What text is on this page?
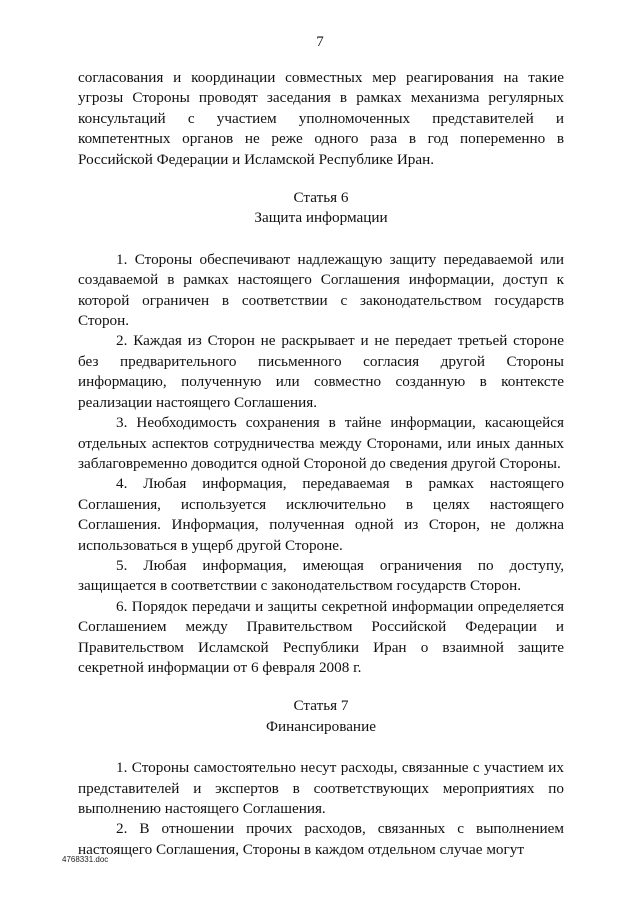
7

согласования и координации совместных мер реагирования на такие угрозы Стороны проводят заседания в рамках механизма регулярных консультаций с участием уполномоченных представителей и компетентных органов не реже одного раза в год попеременно в Российской Федерации и Исламской Республике Иран.

Статья 6
Защита информации

1. Стороны обеспечивают надлежащую защиту передаваемой или создаваемой в рамках настоящего Соглашения информации, доступ к которой ограничен в соответствии с законодательством государств Сторон.

2. Каждая из Сторон не раскрывает и не передает третьей стороне без предварительного письменного согласия другой Стороны информацию, полученную или совместно созданную в контексте реализации настоящего Соглашения.

3. Необходимость сохранения в тайне информации, касающейся отдельных аспектов сотрудничества между Сторонами, или иных данных заблаговременно доводится одной Стороной до сведения другой Стороны.

4. Любая информация, передаваемая в рамках настоящего Соглашения, используется исключительно в целях настоящего Соглашения. Информация, полученная одной из Сторон, не должна использоваться в ущерб другой Стороне.

5. Любая информация, имеющая ограничения по доступу, защищается в соответствии с законодательством государств Сторон.

6. Порядок передачи и защиты секретной информации определяется Соглашением между Правительством Российской Федерации и Правительством Исламской Республики Иран о взаимной защите секретной информации от 6 февраля 2008 г.

Статья 7
Финансирование

1. Стороны самостоятельно несут расходы, связанные с участием их представителей и экспертов в соответствующих мероприятиях по выполнению настоящего Соглашения.

2. В отношении прочих расходов, связанных с выполнением настоящего Соглашения, Стороны в каждом отдельном случае могут

4768331.doc
